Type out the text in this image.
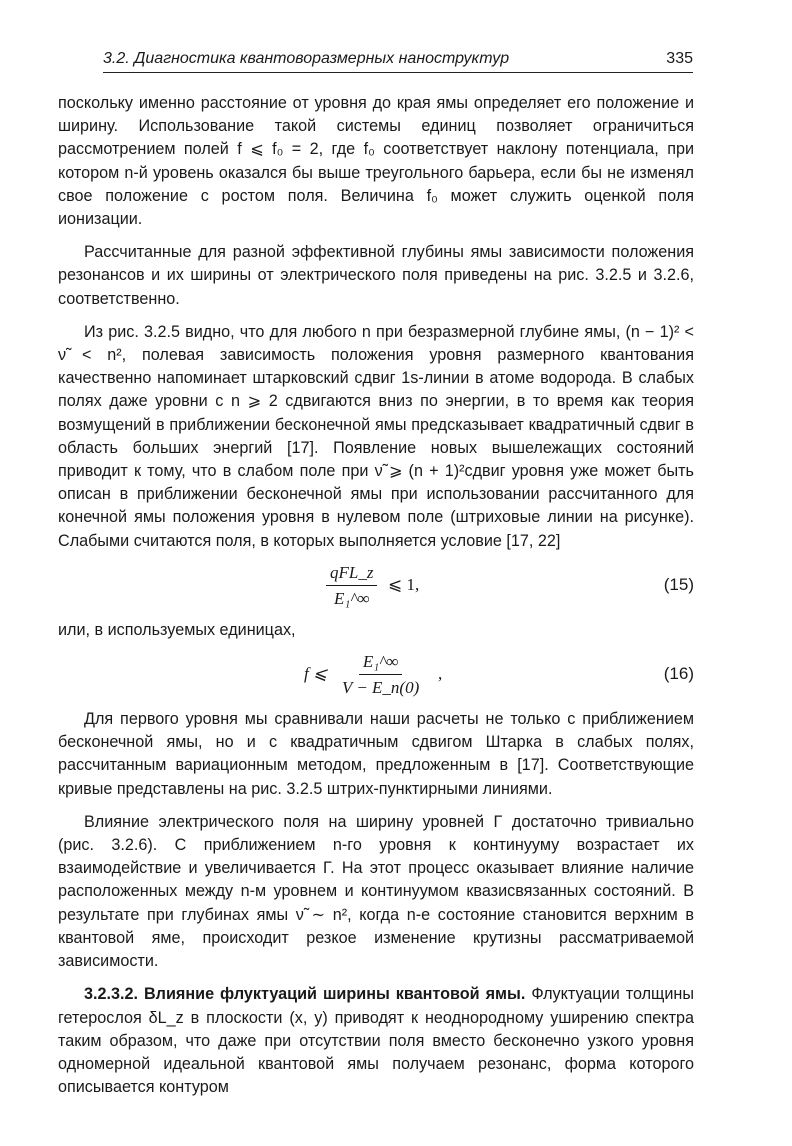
3.2. Диагностика квантоворазмерных наноструктур	335

поскольку именно расстояние от уровня до края ямы определяет его положение и ширину. Использование такой системы единиц позволяет ограничиться рассмотрением полей f ⩽ f₀ = 2, где f₀ соответствует наклону потенциала, при котором n-й уровень оказался бы выше треугольного барьера, если бы не изменял свое положение с ростом поля. Величина f₀ может служить оценкой поля ионизации.

Рассчитанные для разной эффективной глубины ямы зависимости положения резонансов и их ширины от электрического поля приведены на рис. 3.2.5 и 3.2.6, соответственно.

Из рис. 3.2.5 видно, что для любого n при безразмерной глубине ямы, (n − 1)² < ν̃ < n², полевая зависимость положения уровня размерного квантования качественно напоминает штарковский сдвиг 1s-линии в атоме водорода. В слабых полях даже уровни с n ⩾ 2 сдвигаются вниз по энергии, в то время как теория возмущений в приближении бесконечной ямы предсказывает квадратичный сдвиг в область больших энергий [17]. Появление новых вышележащих состояний приводит к тому, что в слабом поле при ν̃ ⩾ (n + 1)²сдвиг уровня уже может быть описан в приближении бесконечной ямы при использовании рассчитанного для конечной ямы положения уровня в нулевом поле (штриховые линии на рисунке). Слабыми считаются поля, в которых выполняется условие [17, 22]

qFL_z
E₁^∞
⩽ 1,	(15)

или, в используемых единицах,

f ⩽ $\frac{\text{E₁\textasciicircum{}∞}}{V - E\_n(0)}$ ,	(16)

Для первого уровня мы сравнивали наши расчеты не только с приближением бесконечной ямы, но и с квадратичным сдвигом Штарка в слабых полях, рассчитанным вариационным методом, предложенным в [17]. Соответствующие кривые представлены на рис. 3.2.5 штрих-пунктирными линиями.

Влияние электрического поля на ширину уровней Γ достаточно тривиально (рис. 3.2.6). С приближением n-го уровня к континууму возрастает их взаимодействие и увеличивается Γ. На этот процесс оказывает влияние наличие расположенных между n-м уровнем и континуумом квазисвязанных состояний. В результате при глубинах ямы ν̃ ∼ n², когда n-е состояние становится верхним в квантовой яме, происходит резкое изменение крутизны рассматриваемой зависимости.

3.2.3.2. Влияние флуктуаций ширины квантовой ямы. Флуктуации толщины гетерослоя δL_z в плоскости (x, y) приводят к неоднородному уширению спектра таким образом, что даже при отсутствии поля вместо бесконечно узкого уровня одномерной идеальной квантовой ямы получаем резонанс, форма которого описывается контуром
